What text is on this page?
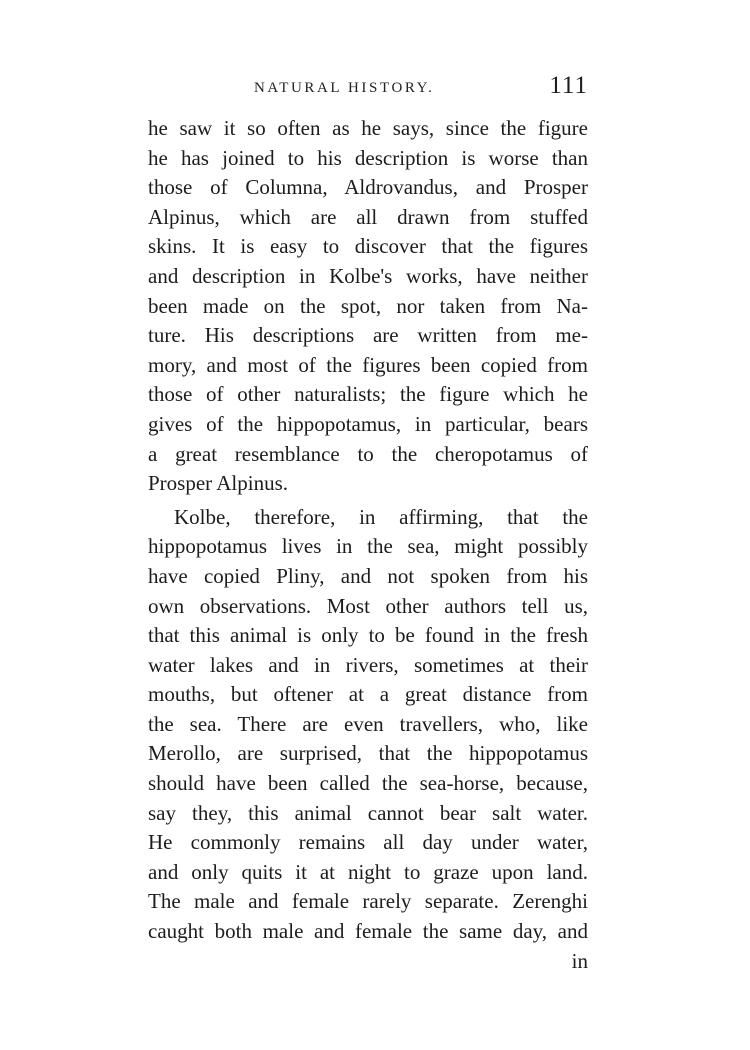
NATURAL HISTORY.	111
he saw it so often as he says, since the figure
he has joined to his description is worse than
those of Columna, Aldrovandus, and Prosper
Alpinus, which are all drawn from stuffed
skins. It is easy to discover that the figures
and description in Kolbe's works, have neither
been made on the spot, nor taken from Na-
ture. His descriptions are written from me-
mory, and most of the figures been copied from
those of other naturalists; the figure which he
gives of the hippopotamus, in particular, bears
a great resemblance to the cheropotamus of
Prosper Alpinus.
Kolbe, therefore, in affirming, that the
hippopotamus lives in the sea, might possibly
have copied Pliny, and not spoken from his
own observations. Most other authors tell us,
that this animal is only to be found in the fresh
water lakes and in rivers, sometimes at their
mouths, but oftener at a great distance from
the sea. There are even travellers, who, like
Merollo, are surprised, that the hippopotamus
should have been called the sea-horse, because,
say they, this animal cannot bear salt water.
He commonly remains all day under water,
and only quits it at night to graze upon land.
The male and female rarely separate. Zerenghi
caught both male and female the same day, and
in
